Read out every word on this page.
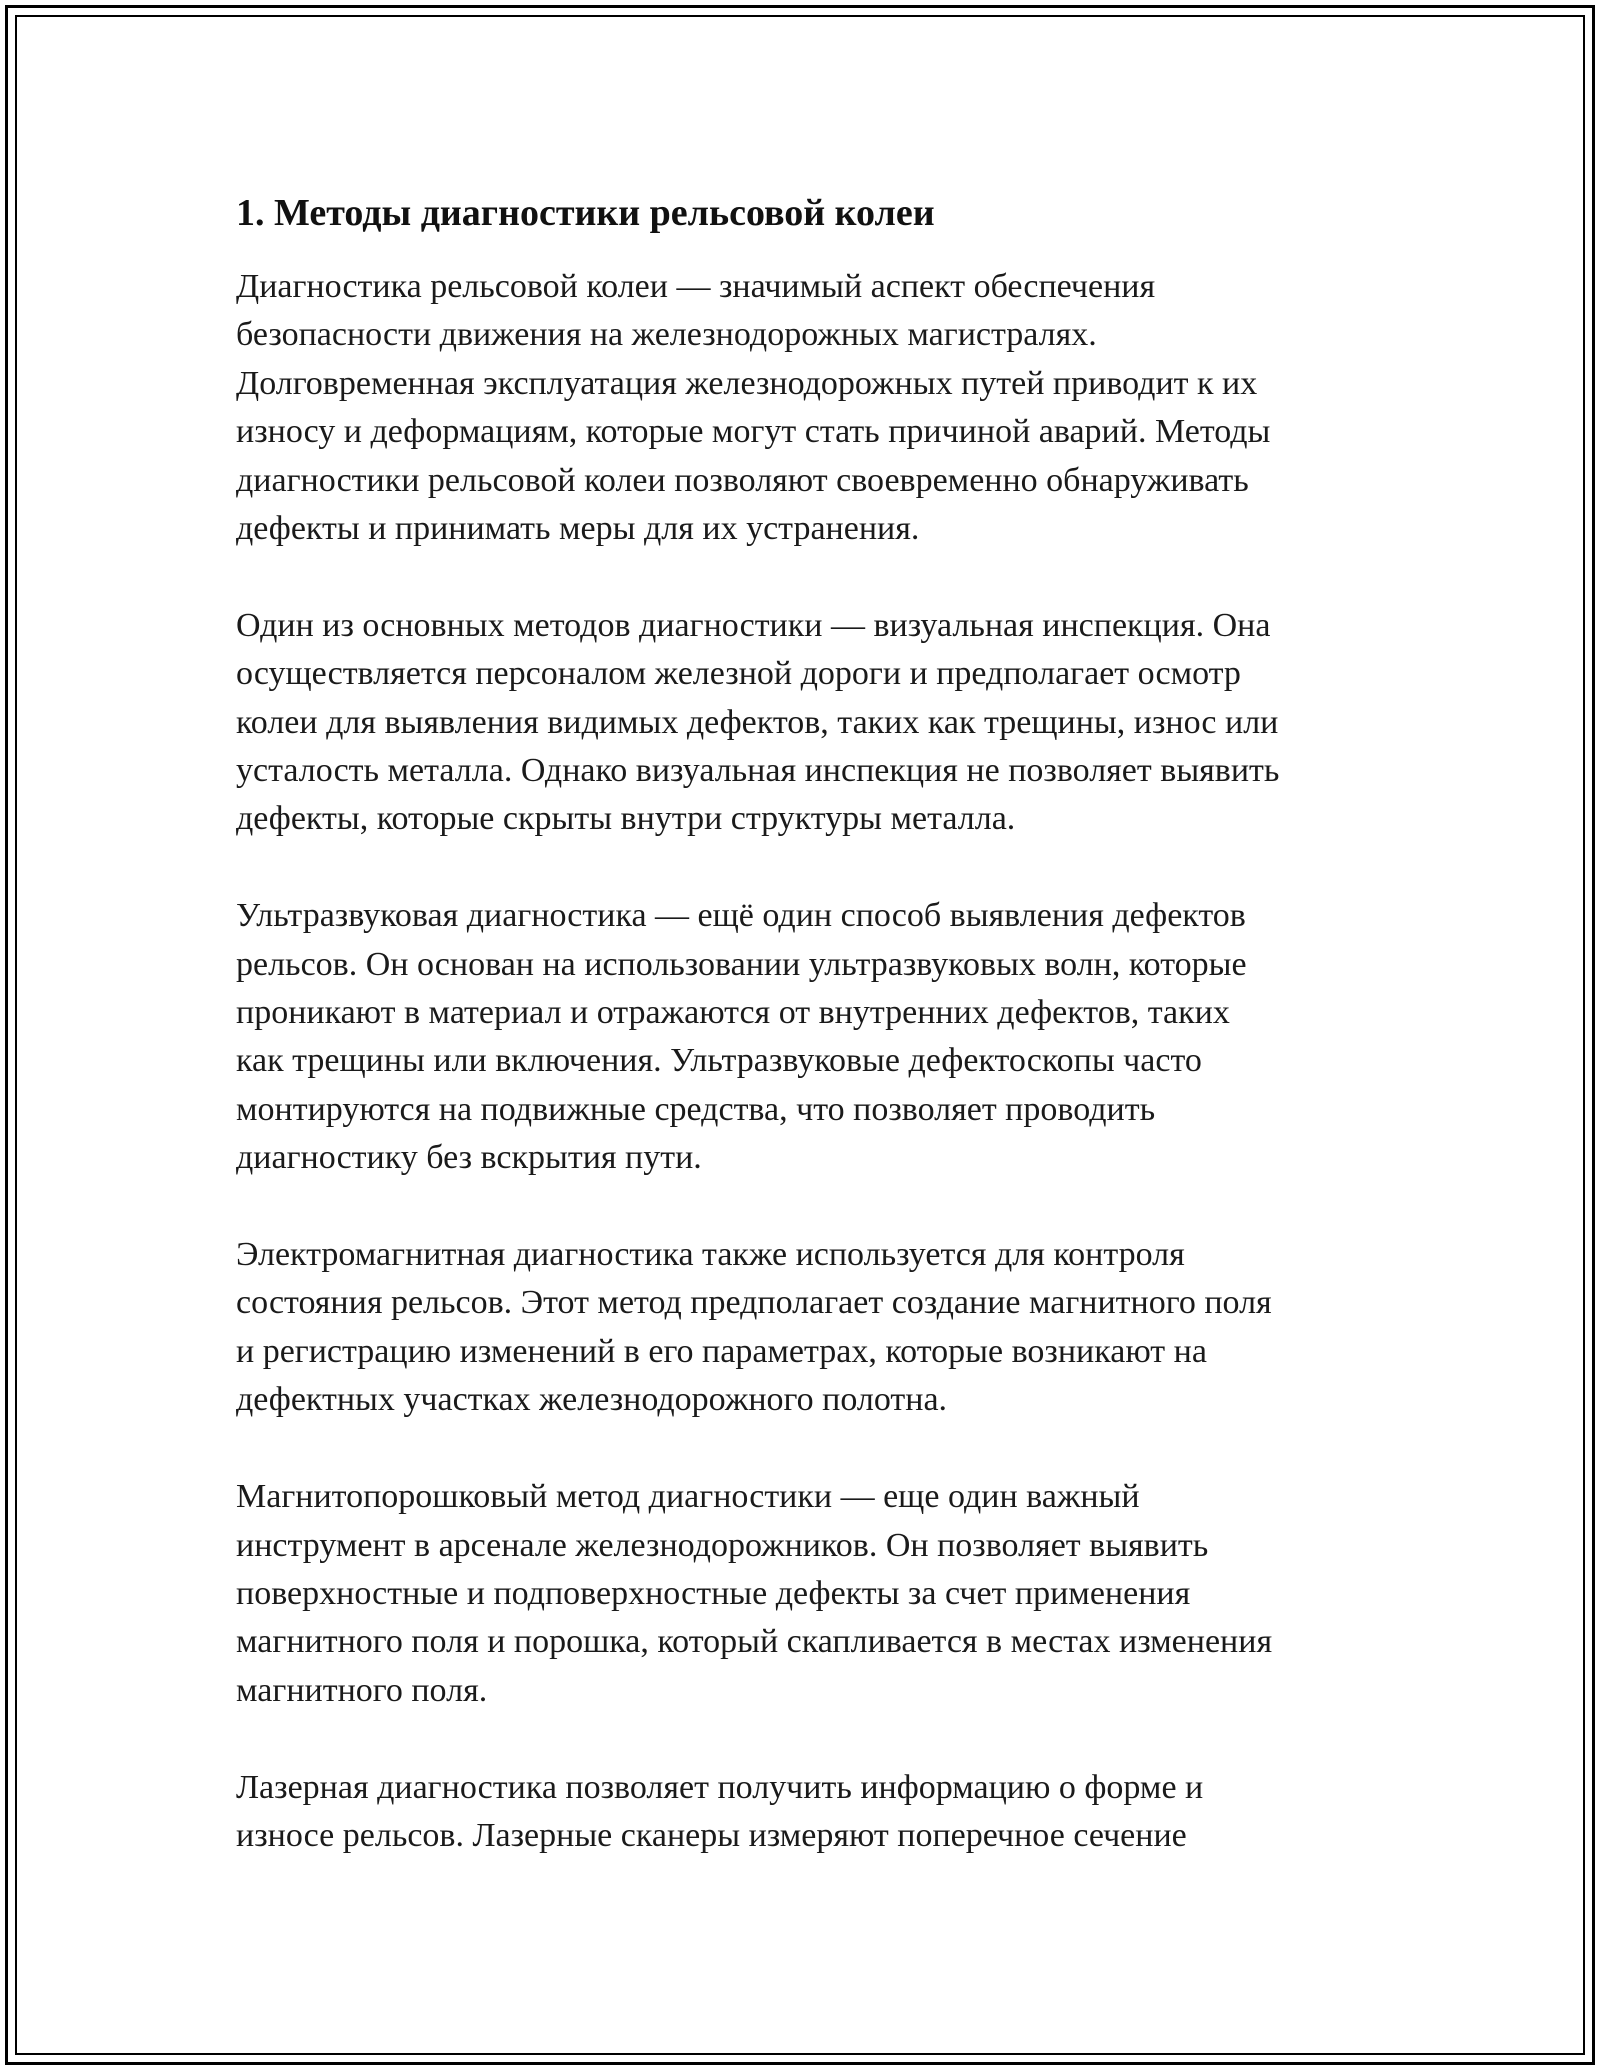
1. Методы диагностики рельсовой колеи
Диагностика рельсовой колеи — значимый аспект обеспечения
безопасности движения на железнодорожных магистралях.
Долговременная эксплуатация железнодорожных путей приводит к их
износу и деформациям, которые могут стать причиной аварий. Методы
диагностики рельсовой колеи позволяют своевременно обнаруживать
дефекты и принимать меры для их устранения.
Один из основных методов диагностики — визуальная инспекция. Она
осуществляется персоналом железной дороги и предполагает осмотр
колеи для выявления видимых дефектов, таких как трещины, износ или
усталость металла. Однако визуальная инспекция не позволяет выявить
дефекты, которые скрыты внутри структуры металла.
Ультразвуковая диагностика — ещё один способ выявления дефектов
рельсов. Он основан на использовании ультразвуковых волн, которые
проникают в материал и отражаются от внутренних дефектов, таких
как трещины или включения. Ультразвуковые дефектоскопы часто
монтируются на подвижные средства, что позволяет проводить
диагностику без вскрытия пути.
Электромагнитная диагностика также используется для контроля
состояния рельсов. Этот метод предполагает создание магнитного поля
и регистрацию изменений в его параметрах, которые возникают на
дефектных участках железнодорожного полотна.
Магнитопорошковый метод диагностики — еще один важный
инструмент в арсенале железнодорожников. Он позволяет выявить
поверхностные и подповерхностные дефекты за счет применения
магнитного поля и порошка, который скапливается в местах изменения
магнитного поля.
Лазерная диагностика позволяет получить информацию о форме и
износе рельсов. Лазерные сканеры измеряют поперечное сечение
